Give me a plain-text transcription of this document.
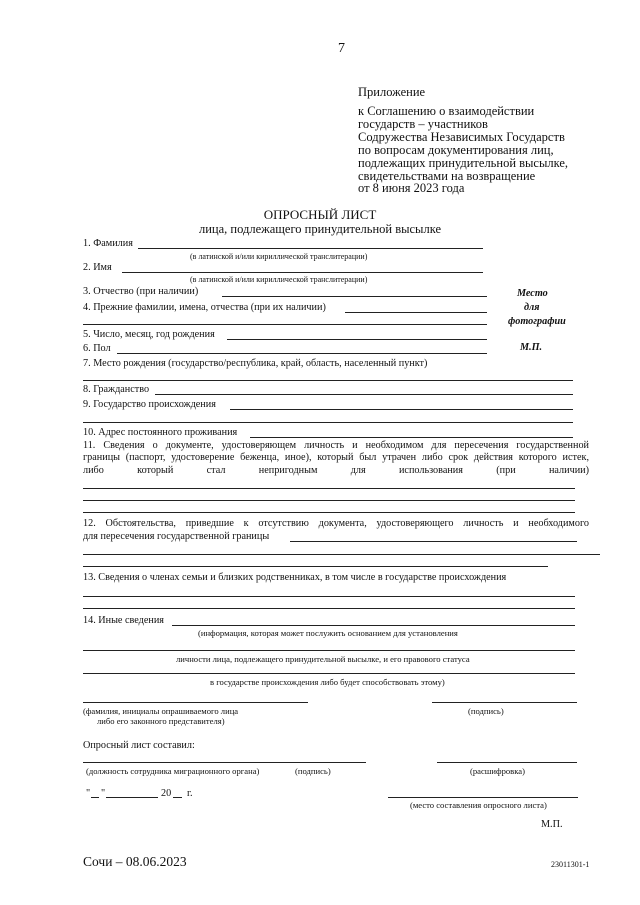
7
Приложение
к Соглашению о взаимодействии
государств – участников
Содружества Независимых Государств
по вопросам документирования лиц,
подлежащих принудительной высылке,
свидетельствами на возвращение
от 8 июня 2023 года
ОПРОСНЫЙ ЛИСТ
лица, подлежащего принудительной высылке
1. Фамилия
(в латинской и/или кириллической транслитерации)
2. Имя
(в латинской и/или кириллической транслитерации)
3. Отчество (при наличии)
4. Прежние фамилии, имена, отчества (при их наличии)
5. Число, месяц, год рождения
6. Пол
Место
для
фотографии
М.П.
7. Место рождения (государство/республика, край, область, населенный пункт)
8. Гражданство
9. Государство происхождения
10. Адрес постоянного проживания
11. Сведения о документе, удостоверяющем личность и необходимом для пересечения государственной
границы (паспорт, удостоверение беженца, иное), который был утрачен либо срок действия которого истек,
либо который стал непригодным для использования (при наличии)
12. Обстоятельства, приведшие к отсутствию документа, удостоверяющего личность и необходимого
для пересечения государственной границы
13. Сведения о членах семьи и близких родственниках, в том числе в государстве происхождения
14. Иные сведения
(информация, которая может послужить основанием для установления
личности лица, подлежащего принудительной высылке, и его правового статуса
в государстве происхождения либо будет способствовать этому)
(фамилия, инициалы опрашиваемого лица
либо его законного представителя)
(подпись)
Опросный лист составил:
(должность сотрудника миграционного органа)	(подпись)	(расшифровка)
" "	20 г.
(место составления опросного листа)
М.П.
Сочи – 08.06.2023	23011301-1
